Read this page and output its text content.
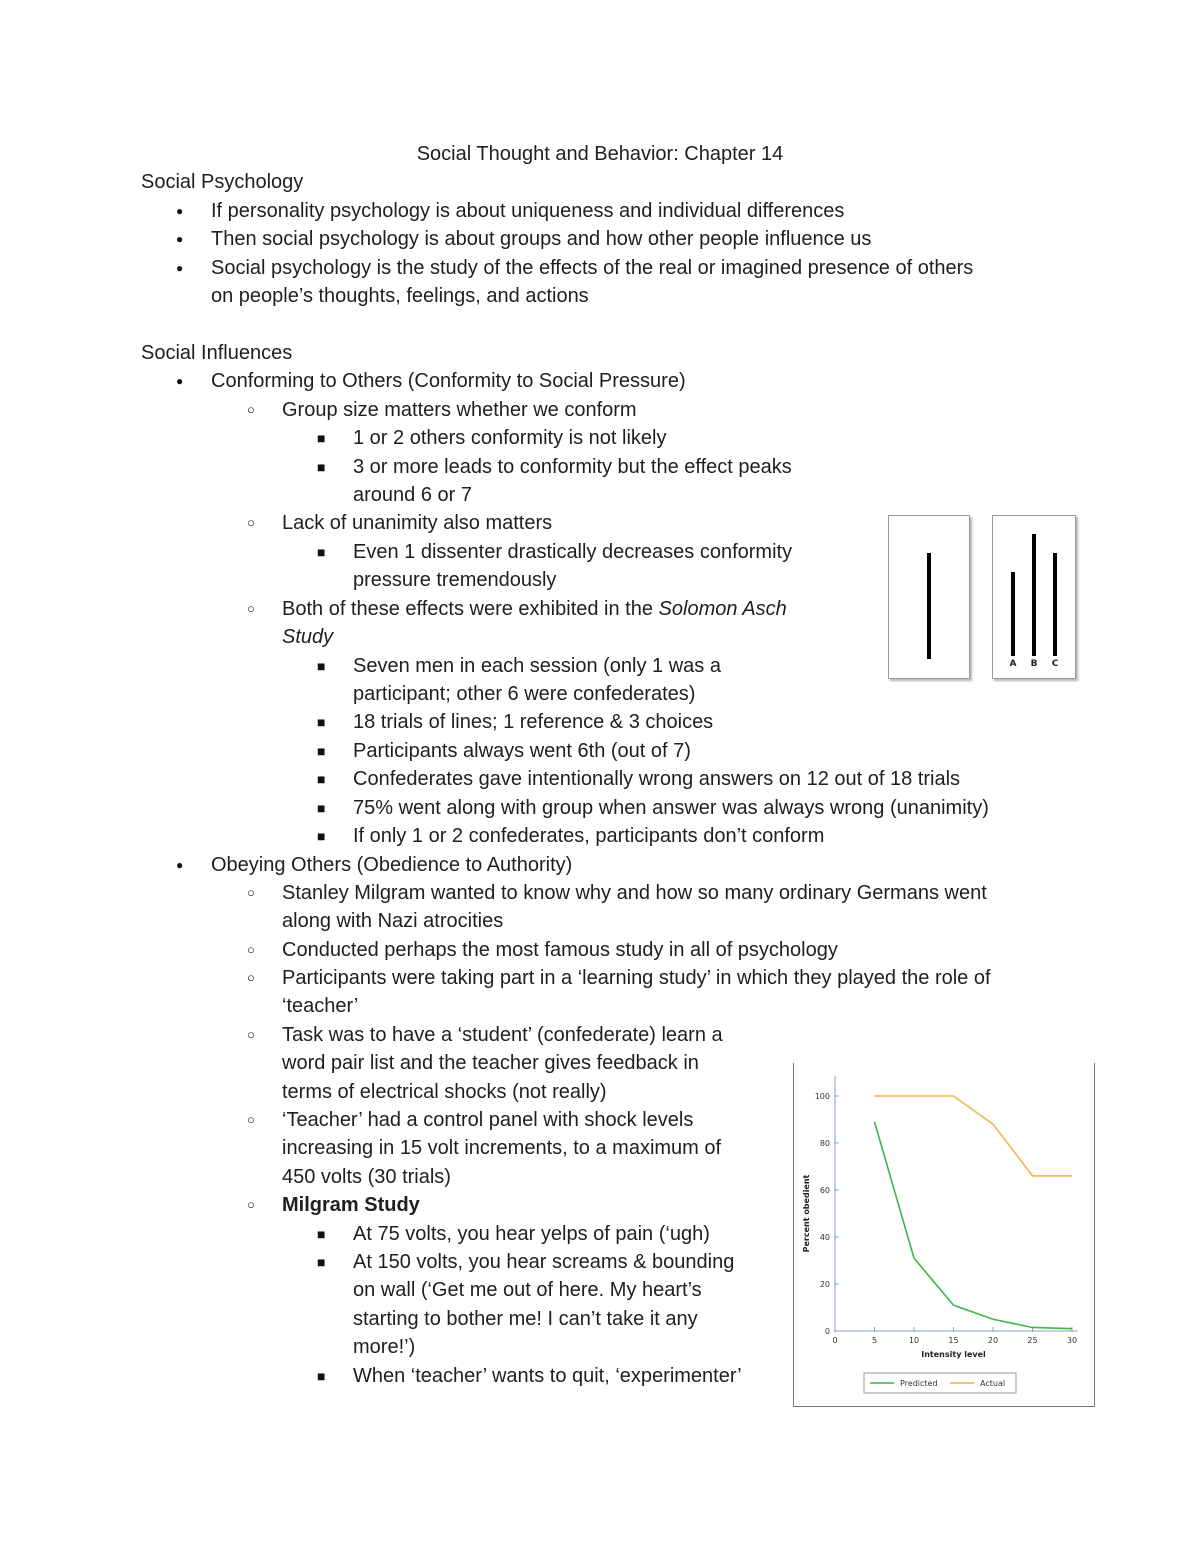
Social Thought and Behavior: Chapter 14
Social Psychology
● If personality psychology is about uniqueness and individual differences
● Then social psychology is about groups and how other people influence us
● Social psychology is the study of the effects of the real or imagined presence of others
on people’s thoughts, feelings, and actions
Social Influences
● Conforming to Others (Conformity to Social Pressure)
○ Group size matters whether we conform
■ 1 or 2 others conformity is not likely
■ 3 or more leads to conformity but the effect peaks
around 6 or 7
○ Lack of unanimity also matters
■ Even 1 dissenter drastically decreases conformity
pressure tremendously
○ Both of these effects were exhibited in the Solomon Asch
Study
■ Seven men in each session (only 1 was a
participant; other 6 were confederates)
■ 18 trials of lines; 1 reference & 3 choices
■ Participants always went 6th (out of 7)
■ Confederates gave intentionally wrong answers on 12 out of 18 trials
■ 75% went along with group when answer was always wrong (unanimity)
■ If only 1 or 2 confederates, participants don’t conform
● Obeying Others (Obedience to Authority)
○ Stanley Milgram wanted to know why and how so many ordinary Germans went
along with Nazi atrocities
○ Conducted perhaps the most famous study in all of psychology
○ Participants were taking part in a ‘learning study’ in which they played the role of
‘teacher’
○ Task was to have a ‘student’ (confederate) learn a
word pair list and the teacher gives feedback in
terms of electrical shocks (not really)
○ ‘Teacher’ had a control panel with shock levels
increasing in 15 volt increments, to a maximum of
450 volts (30 trials)
○ Milgram Study
■ At 75 volts, you hear yelps of pain (‘ugh)
■ At 150 volts, you hear screams & bounding
on wall (‘Get me out of here. My heart’s
starting to bother me! I can’t take it any
more!’)
■ When ‘teacher’ wants to quit, ‘experimenter’
A B C
0
20
40
60
80
100
0	5	10	15	20	25	30
Intensity level
Percent obedient
Predicted	Actual
